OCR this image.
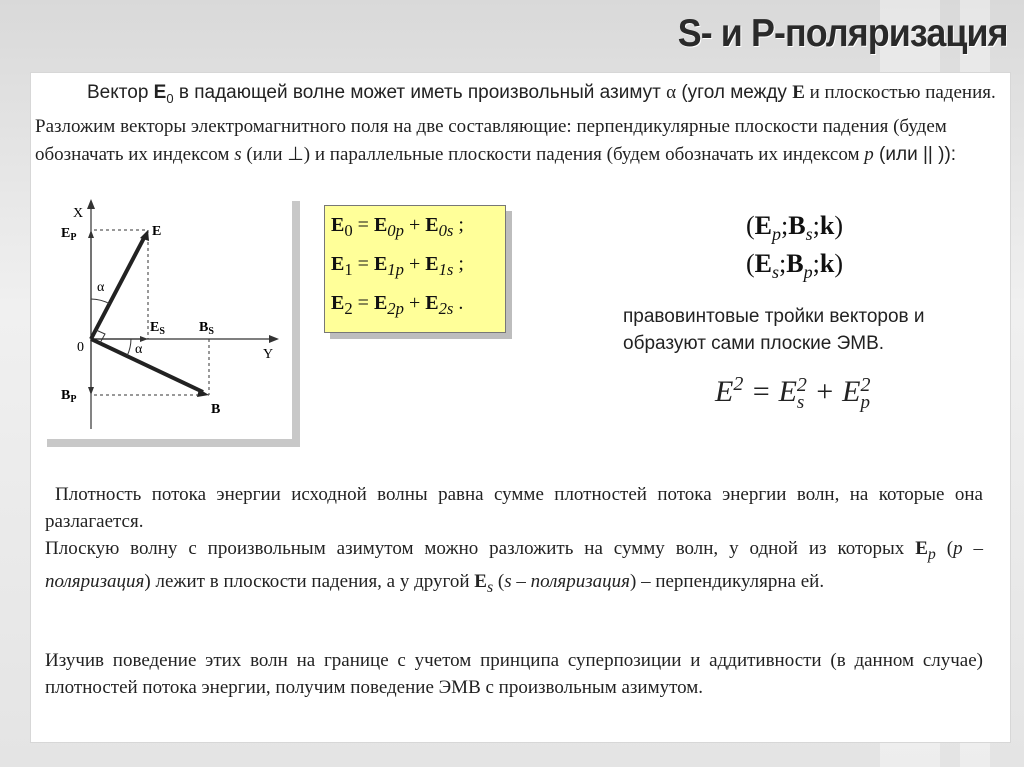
S- и P-поляризация

Вектор $E_0$ в падающей волне может иметь произвольный азимут α (угол между E и плоскостью падения. Разложим векторы электромагнитного поля на две составляющие: перпендикулярные плоскости падения (будем обозначать их индексом s (или ⊥) и параллельные плоскости падения (будем обозначать их индексом p (или || )):

X
Y
0
E
B
$E_P$
$B_P$
$E_S$ $B_S$
α
α
$E_0 = E_{0p} + E_{0s}$ ;
$E_1 = E_{1p} + E_{1s}$ ;
$E_2 = E_{2p} + E_{2s}$ .
$(E_p;B_s;k)$
$(E_s;B_p;k)$

правовинтовые тройки векторов и образуют сами плоские ЭМВ.

$E^2 = E$ 2
s + E 2
p

Плотность потока энергии исходной волны равна сумме плотностей потока энергии волн, на которые она разлагается.

Плоскую волну с произвольным азимутом можно разложить на сумму волн, у одной из которых $E_p$ (p – поляризация) лежит в плоскости падения, а у другой $E_s$ (s – поляризация) – перпендикулярна ей.

Изучив поведение этих волн на границе с учетом принципа суперпозиции и аддитивности (в данном случае) плотностей потока энергии, получим поведение ЭМВ с произвольным азимутом.
